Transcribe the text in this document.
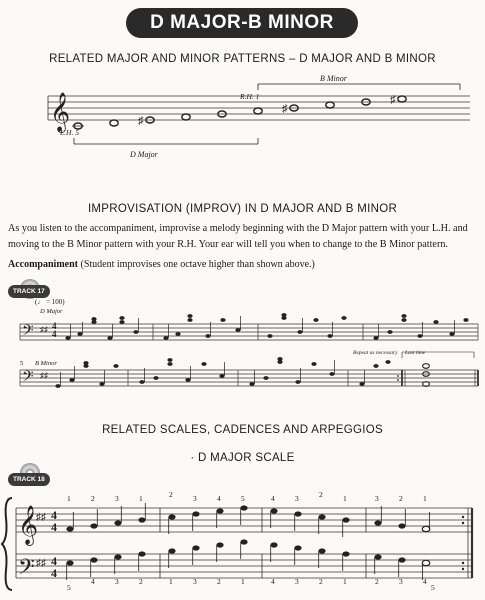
D MAJOR-B MINOR
RELATED MAJOR AND MINOR PATTERNS – D MAJOR AND B MINOR
𝄞	♯
♯
♯
B Minor
R.H. 1
L.H. 5
D Major
IMPROVISATION (IMPROV) IN D MAJOR AND B MINOR
As you listen to the accompaniment, improvise a melody beginning with the D Major pattern with your L.H. and moving to the B Minor pattern with your R.H. Your ear will tell you when to change to the B Minor pattern.
Accompaniment (Student improvises one octave higher than shown above.)
TRACK 17
(♩ = 100)
D Major
𝄢 ♯♯ 4
4
5 B Minor
Repeat as necessary Last time
𝄢 ♯♯
RELATED SCALES, CADENCES AND ARPEGGIOS
· D MAJOR SCALE
TRACK 18
𝄞
𝄢
♯♯
♯♯
4
4
4
4
1	2	3	1	2	3	4	5	4	3	2	1	3	2	1
5
4	3	2	1	3	2	1	4	3	2	1	2	3	4
5
